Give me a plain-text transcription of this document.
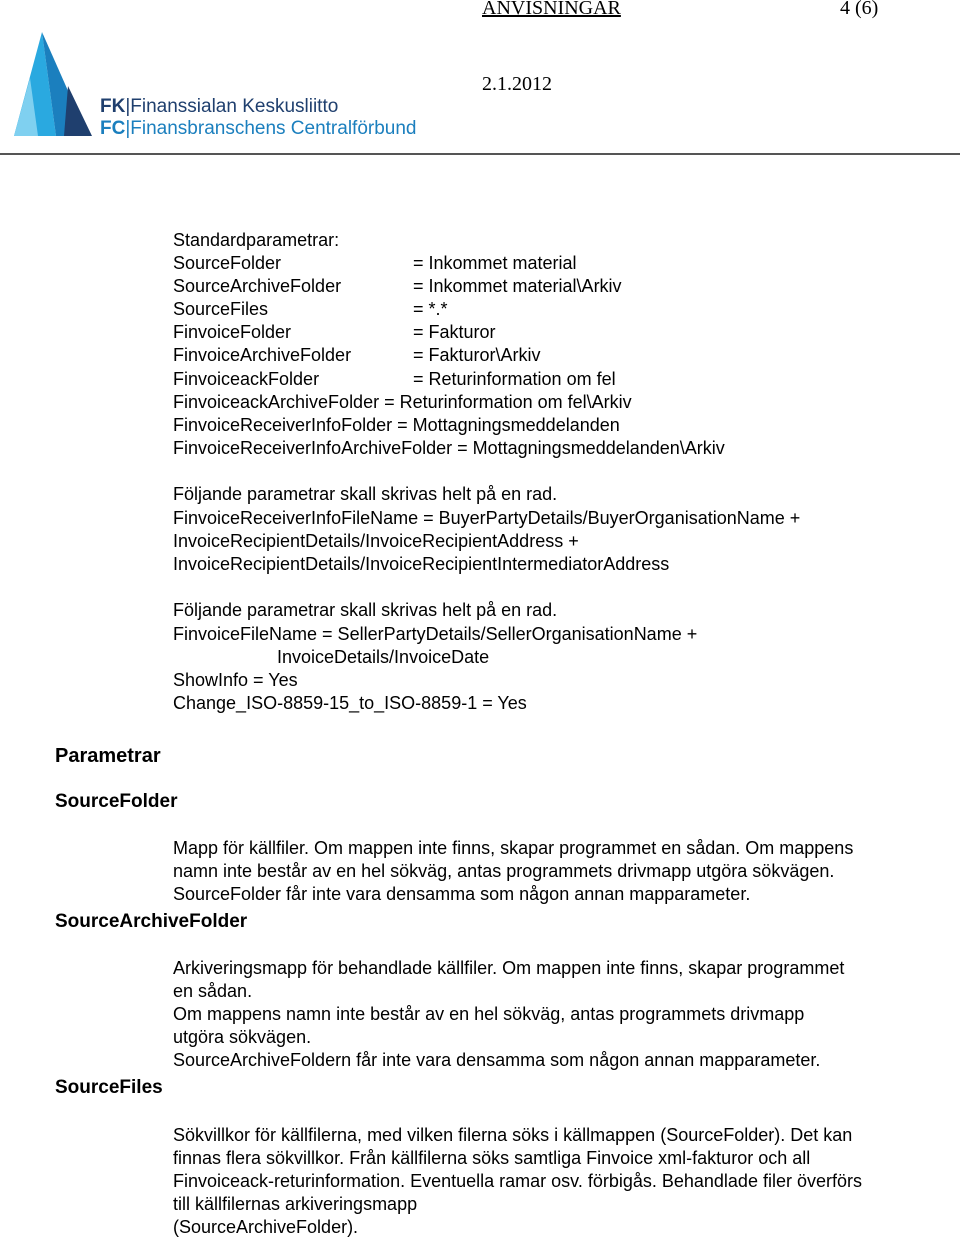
ANVISNINGAR	4 (6)
2.1.2012
FK|Finanssialan Keskusliitto
FC|Finansbranschens Centralförbund
Standardparametrar:
SourceFolder	= Inkommet material
SourceArchiveFolder	= Inkommet material\Arkiv
SourceFiles	= *.*
FinvoiceFolder	= Fakturor
FinvoiceArchiveFolder	= Fakturor\Arkiv
FinvoiceackFolder	= Returinformation om fel
FinvoiceackArchiveFolder = Returinformation om fel\Arkiv
FinvoiceReceiverInfoFolder = Mottagningsmeddelanden
FinvoiceReceiverInfoArchiveFolder = Mottagningsmeddelanden\Arkiv
Följande parametrar skall skrivas helt på en rad.
FinvoiceReceiverInfoFileName = BuyerPartyDetails/BuyerOrganisationName +
InvoiceRecipientDetails/InvoiceRecipientAddress +
InvoiceRecipientDetails/InvoiceRecipientIntermediatorAddress
Följande parametrar skall skrivas helt på en rad.
FinvoiceFileName = SellerPartyDetails/SellerOrganisationName +
InvoiceDetails/InvoiceDate
ShowInfo = Yes
Change_ISO-8859-15_to_ISO-8859-1 = Yes
Parametrar
SourceFolder
Mapp för källfiler. Om mappen inte finns, skapar programmet en sådan. Om mappens
namn inte består av en hel sökväg, antas programmets drivmapp utgöra sökvägen.
SourceFolder får inte vara densamma som någon annan mapparameter.
SourceArchiveFolder
Arkiveringsmapp för behandlade källfiler. Om mappen inte finns, skapar programmet
en sådan.
Om mappens namn inte består av en hel sökväg, antas programmets drivmapp
utgöra sökvägen.
SourceArchiveFoldern får inte vara densamma som någon annan mapparameter.
SourceFiles
Sökvillkor för källfilerna, med vilken filerna söks i källmappen (SourceFolder). Det kan
finnas flera sökvillkor. Från källfilerna söks samtliga Finvoice xml-fakturor och all
Finvoiceack-returinformation. Eventuella ramar osv. förbigås. Behandlade filer överförs
till källfilernas arkiveringsmapp
(SourceArchiveFolder).
